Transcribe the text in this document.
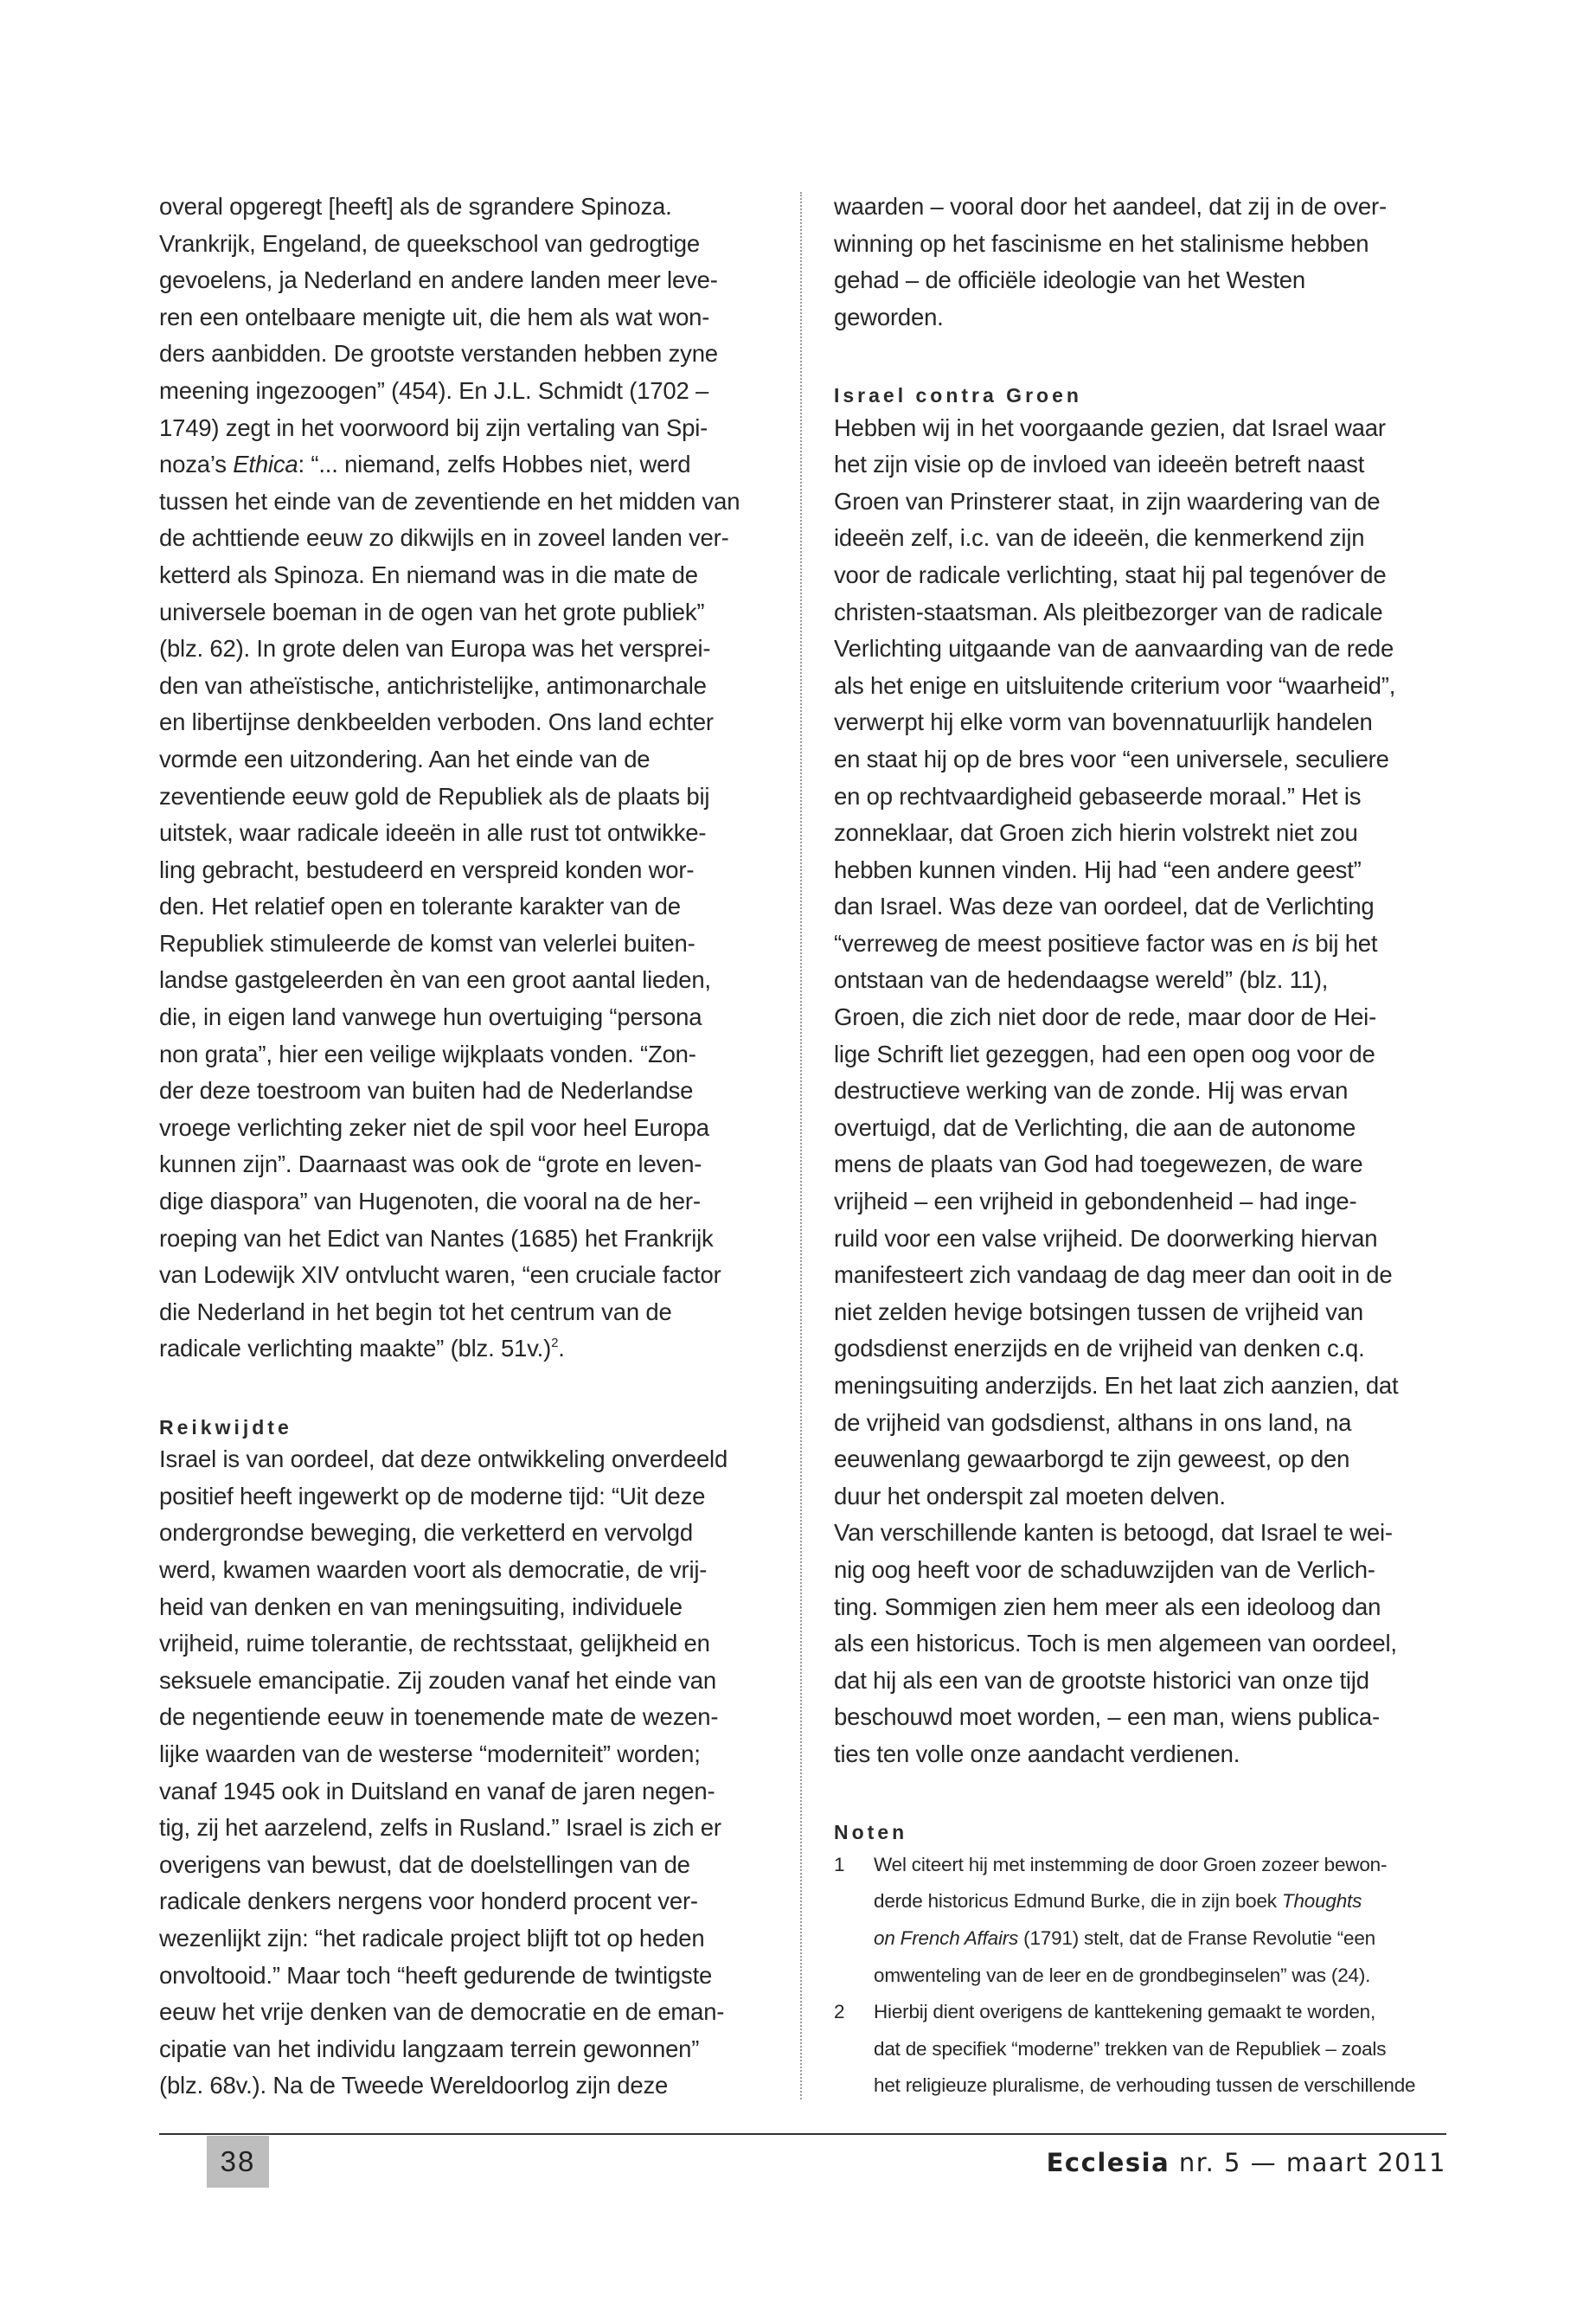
overal opgeregt [heeft] als de sgrandere Spinoza.
Vrankrijk, Engeland, de queekschool van gedrogtige
gevoelens, ja Nederland en andere landen meer leve-
ren een ontelbaare menigte uit, die hem als wat won-
ders aanbidden. De grootste verstanden hebben zyne
meening ingezoogen” (454). En J.L. Schmidt (1702 –
1749) zegt in het voorwoord bij zijn vertaling van Spi-
noza’s Ethica: “... niemand, zelfs Hobbes niet, werd
tussen het einde van de zeventiende en het midden van
de achttiende eeuw zo dikwijls en in zoveel landen ver-
ketterd als Spinoza. En niemand was in die mate de
universele boeman in de ogen van het grote publiek”
(blz. 62). In grote delen van Europa was het versprei-
den van atheïstische, antichristelijke, antimonarchale
en libertijnse denkbeelden verboden. Ons land echter
vormde een uitzondering. Aan het einde van de
zeventiende eeuw gold de Republiek als de plaats bij
uitstek, waar radicale ideeën in alle rust tot ontwikke-
ling gebracht, bestudeerd en verspreid konden wor-
den. Het relatief open en tolerante karakter van de
Republiek stimuleerde de komst van velerlei buiten-
landse gastgeleerden èn van een groot aantal lieden,
die, in eigen land vanwege hun overtuiging “persona
non grata”, hier een veilige wijkplaats vonden. “Zon-
der deze toestroom van buiten had de Nederlandse
vroege verlichting zeker niet de spil voor heel Europa
kunnen zijn”. Daarnaast was ook de “grote en leven-
dige diaspora” van Hugenoten, die vooral na de her-
roeping van het Edict van Nantes (1685) het Frankrijk
van Lodewijk XIV ontvlucht waren, “een cruciale factor
die Nederland in het begin tot het centrum van de
radicale verlichting maakte” (blz. 51v.)$^2$.
Reikwijdte
Israel is van oordeel, dat deze ontwikkeling onverdeeld
positief heeft ingewerkt op de moderne tijd: “Uit deze
ondergrondse beweging, die verketterd en vervolgd
werd, kwamen waarden voort als democratie, de vrij-
heid van denken en van meningsuiting, individuele
vrijheid, ruime tolerantie, de rechtsstaat, gelijkheid en
seksuele emancipatie. Zij zouden vanaf het einde van
de negentiende eeuw in toenemende mate de wezen-
lijke waarden van de westerse “moderniteit” worden;
vanaf 1945 ook in Duitsland en vanaf de jaren negen-
tig, zij het aarzelend, zelfs in Rusland.” Israel is zich er
overigens van bewust, dat de doelstellingen van de
radicale denkers nergens voor honderd procent ver-
wezenlijkt zijn: “het radicale project blijft tot op heden
onvoltooid.” Maar toch “heeft gedurende de twintigste
eeuw het vrije denken van de democratie en de eman-
cipatie van het individu langzaam terrein gewonnen”
(blz. 68v.). Na de Tweede Wereldoorlog zijn deze
waarden – vooral door het aandeel, dat zij in de over-
winning op het fascinisme en het stalinisme hebben
gehad – de officiële ideologie van het Westen
geworden.
Israel contra Groen
Hebben wij in het voorgaande gezien, dat Israel waar
het zijn visie op de invloed van ideeën betreft naast
Groen van Prinsterer staat, in zijn waardering van de
ideeën zelf, i.c. van de ideeën, die kenmerkend zijn
voor de radicale verlichting, staat hij pal tegenóver de
christen-staatsman. Als pleitbezorger van de radicale
Verlichting uitgaande van de aanvaarding van de rede
als het enige en uitsluitende criterium voor “waarheid”,
verwerpt hij elke vorm van bovennatuurlijk handelen
en staat hij op de bres voor “een universele, seculiere
en op rechtvaardigheid gebaseerde moraal.” Het is
zonneklaar, dat Groen zich hierin volstrekt niet zou
hebben kunnen vinden. Hij had “een andere geest”
dan Israel. Was deze van oordeel, dat de Verlichting
“verreweg de meest positieve factor was en is bij het
ontstaan van de hedendaagse wereld” (blz. 11),
Groen, die zich niet door de rede, maar door de Hei-
lige Schrift liet gezeggen, had een open oog voor de
destructieve werking van de zonde. Hij was ervan
overtuigd, dat de Verlichting, die aan de autonome
mens de plaats van God had toegewezen, de ware
vrijheid – een vrijheid in gebondenheid – had inge-
ruild voor een valse vrijheid. De doorwerking hiervan
manifesteert zich vandaag de dag meer dan ooit in de
niet zelden hevige botsingen tussen de vrijheid van
godsdienst enerzijds en de vrijheid van denken c.q.
meningsuiting anderzijds. En het laat zich aanzien, dat
de vrijheid van godsdienst, althans in ons land, na
eeuwenlang gewaarborgd te zijn geweest, op den
duur het onderspit zal moeten delven.
Van verschillende kanten is betoogd, dat Israel te wei-
nig oog heeft voor de schaduwzijden van de Verlich-
ting. Sommigen zien hem meer als een ideoloog dan
als een historicus. Toch is men algemeen van oordeel,
dat hij als een van de grootste historici van onze tijd
beschouwd moet worden, – een man, wiens publica-
ties ten volle onze aandacht verdienen.
Noten
1 Wel citeert hij met instemming de door Groen zozeer bewon-
derde historicus Edmund Burke, die in zijn boek Thoughts
on French Affairs (1791) stelt, dat de Franse Revolutie “een
omwenteling van de leer en de grondbeginselen” was (24).
2 Hierbij dient overigens de kanttekening gemaakt te worden,
dat de specifiek “moderne” trekken van de Republiek – zoals
het religieuze pluralisme, de verhouding tussen de verschillende
38	Ecclesia nr. 5 — maart 2011
